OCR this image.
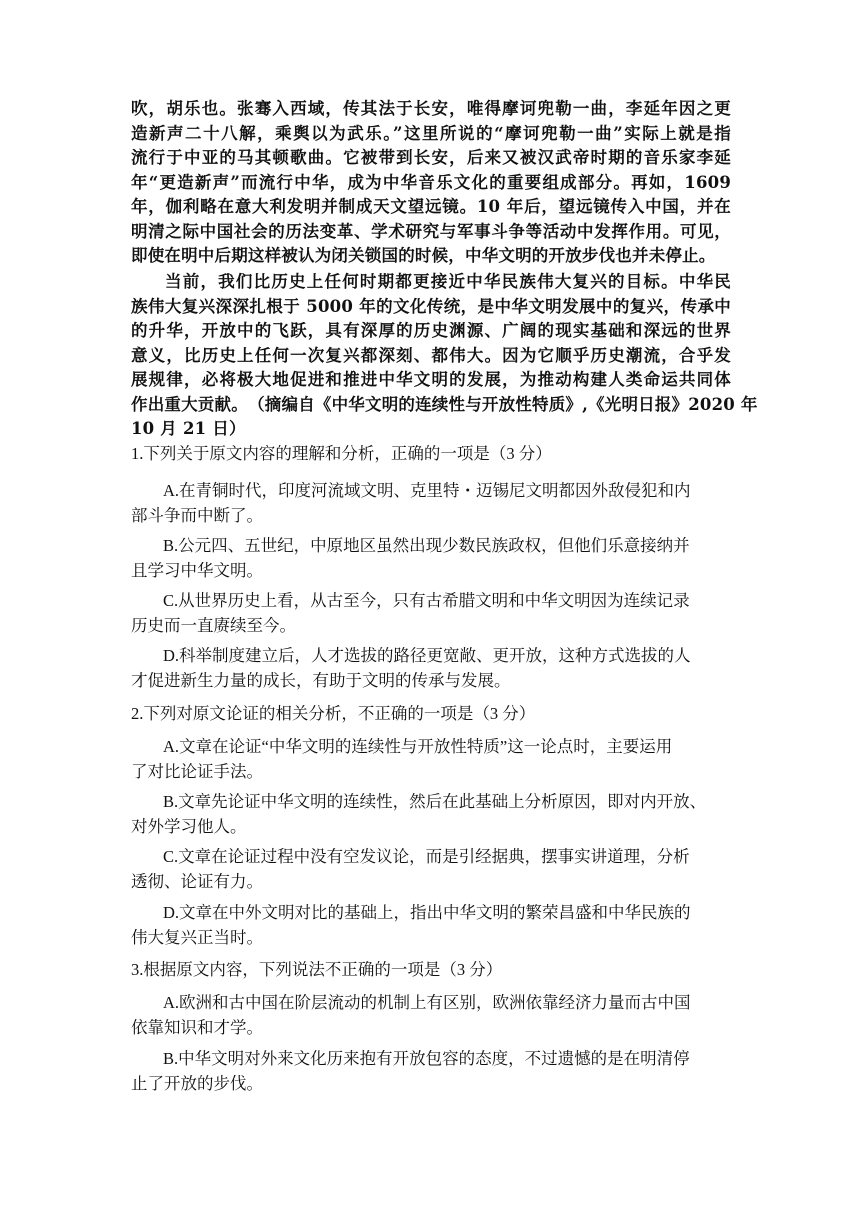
吹，胡乐也。张骞入西域，传其法于长安，唯得摩诃兜勒一曲，李延年因之更
造新声二十八解，乘舆以为武乐。”这里所说的“摩诃兜勒一曲”实际上就是指
流行于中亚的马其顿歌曲。它被带到长安，后来又被汉武帝时期的音乐家李延
年“更造新声”而流行中华，成为中华音乐文化的重要组成部分。再如，1609
年，伽利略在意大利发明并制成天文望远镜。10 年后，望远镜传入中国，并在
明清之际中国社会的历法变革、学术研究与军事斗争等活动中发挥作用。可见，
即使在明中后期这样被认为闭关锁国的时候，中华文明的开放步伐也并未停止。
当前，我们比历史上任何时期都更接近中华民族伟大复兴的目标。中华民
族伟大复兴深深扎根于 5000 年的文化传统，是中华文明发展中的复兴，传承中
的升华，开放中的飞跃，具有深厚的历史渊源、广阔的现实基础和深远的世界
意义，比历史上任何一次复兴都深刻、都伟大。因为它顺乎历史潮流，合乎发
展规律，必将极大地促进和推进中华文明的发展，为推动构建人类命运共同体
作出重大贡献。　（摘编自《中华文明的连续性与开放性特质》,《光明日报》2020 年
10 月 21 日）
1.下列关于原文内容的理解和分析，正确的一项是（3 分）
A.在青铜时代，印度河流域文明、克里特・迈锡尼文明都因外敌侵犯和内
部斗争而中断了。
B.公元四、五世纪，中原地区虽然出现少数民族政权，但他们乐意接纳并
且学习中华文明。
C.从世界历史上看，从古至今，只有古希腊文明和中华文明因为连续记录
历史而一直赓续至今。
D.科举制度建立后，人才选拔的路径更宽敞、更开放，这种方式选拔的人
才促进新生力量的成长，有助于文明的传承与发展。
2.下列对原文论证的相关分析，不正确的一项是（3 分）
A.文章在论证“中华文明的连续性与开放性特质”这一论点时，主要运用
了对比论证手法。
B.文章先论证中华文明的连续性，然后在此基础上分析原因，即对内开放、
对外学习他人。
C.文章在论证过程中没有空发议论，而是引经据典，摆事实讲道理，分析
透彻、论证有力。
D.文章在中外文明对比的基础上，指出中华文明的繁荣昌盛和中华民族的
伟大复兴正当时。
3.根据原文内容，下列说法不正确的一项是（3 分）
A.欧洲和古中国在阶层流动的机制上有区别，欧洲依靠经济力量而古中国
依靠知识和才学。
B.中华文明对外来文化历来抱有开放包容的态度，不过遗憾的是在明清停
止了开放的步伐。
